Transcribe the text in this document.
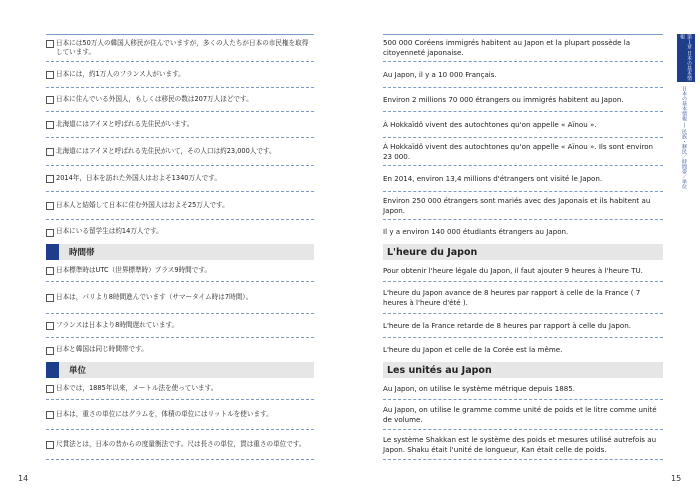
日本には50万人の韓国人移民が住んでいますが，多くの人たちが日本の市民権を取得しています。
日本には，約1万人のフランス人がいます。
日本に住んでいる外国人，もしくは移民の数は207万人ほどです。
北海道にはアイヌと呼ばれる先住民がいます。
北海道にはアイヌと呼ばれる先住民がいて，その人口は約23,000人です。
2014年，日本を訪れた外国人はおよそ1340万人です。
日本人と結婚して日本に住む外国人はおよそ25万人です。
日本にいる留学生は約14万人です。
時間帯
日本標準時はUTC（世界標準時）プラス9時間です。
日本は，パリより8時間進んでいます（サマータイム時は7時間）。
フランスは日本より8時間遅れています。
日本と韓国は同じ時間帯です。
単位
日本では，1885年以来，メートル法を使っています。
日本は，重さの単位にはグラムを，体積の単位にはリットルを使います。
尺貫法とは，日本の昔からの度量衡法です。尺は長さの単位，貫は重さの単位です。
500 000 Coréens immigrés habitent au Japon et la plupart possède la citoyenneté japonaise.
Au Japon, il y a 10 000 Français.
Environ 2 millions 70 000 étrangers ou immigrés habitent au Japon.
À Hokkaïdô vivent des autochtones qu'on appelle « Aïnou ».
À Hokkaïdô vivent des autochtones qu'on appelle « Aïnou ». Ils sont environ 23 000.
En 2014, environ 13,4 millions d'étrangers ont visité le Japon.
Environ 250 000 étrangers sont mariés avec des Japonais et ils habitent au Japon.
Il y a environ 140 000 étudiants étrangers au Japon.
L'heure du Japon
Pour obtenir l'heure légale du Japon, il faut ajouter 9 heures à l'heure TU.
L'heure du Japon avance de 8 heures par rapport à celle de la France ( 7 heures à l'heure d'été ).
L'heure de la France retarde de 8 heures par rapport à celle du Japon.
L'heure du Japon et celle de la Corée est la même.
Les unités au Japon
Au Japon, on utilise le système métrique depuis 1885.
Au Japon, on utilise le gramme comme unité de poids et le litre comme unité de volume.
Le système Shakkan est le système des poids et mesures utilisé autrefois au Japon. Shaku était l'unité de longueur, Kan était celle de poids.
14	15
第１章 日本の基本情報
日本の基本情報 ― 民族・移民／時間帯／単位
